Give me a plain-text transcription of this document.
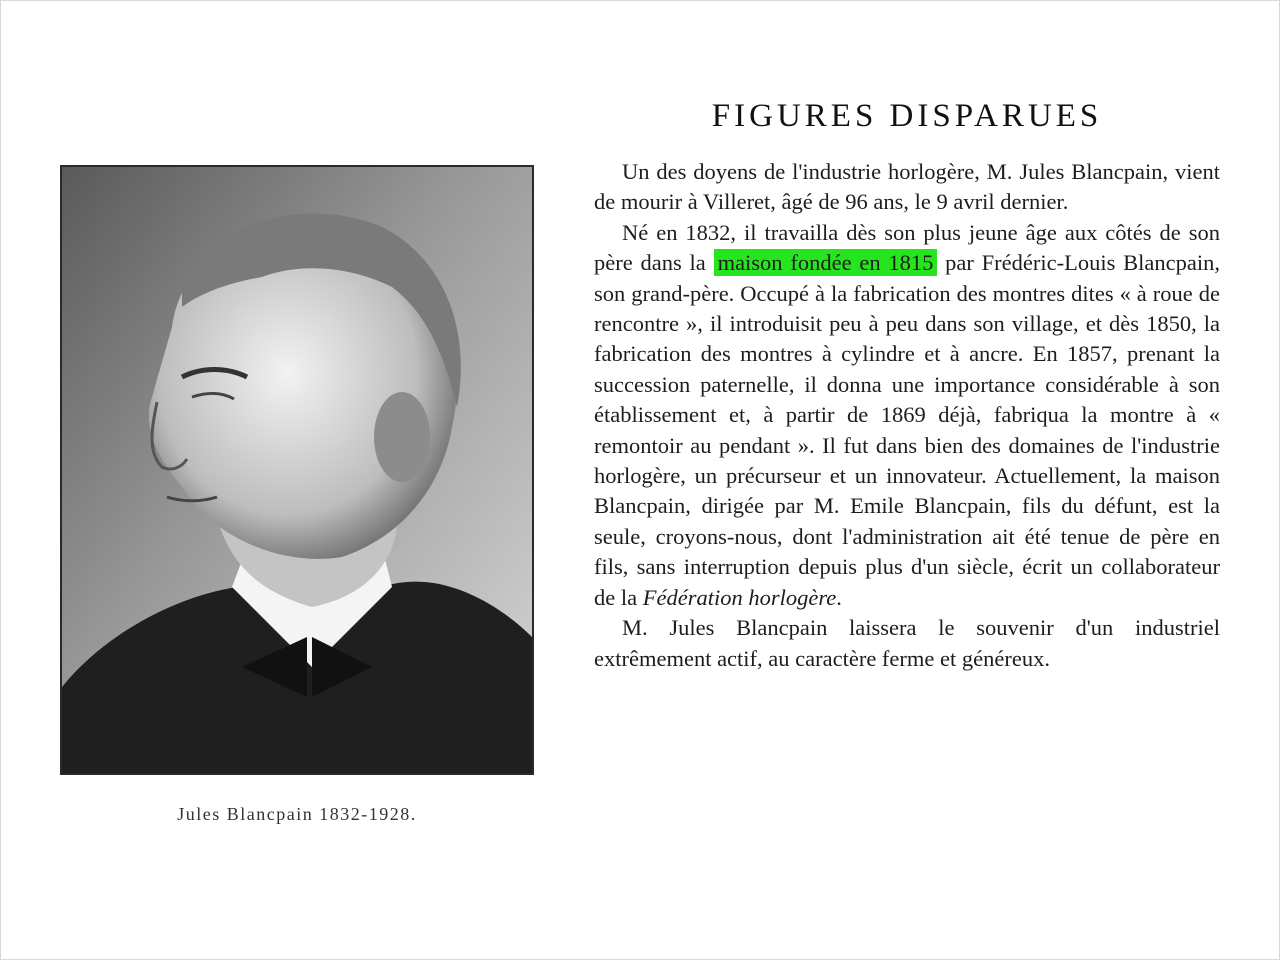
Jules Blancpain 1832-1928.
FIGURES DISPARUES

Un des doyens de l'industrie horlogère, M. Jules Blancpain, vient de mourir à Villeret, âgé de 96 ans, le 9 avril dernier.

Né en 1832, il travailla dès son plus jeune âge aux côtés de son père dans la maison fondée en 1815 par Frédéric-Louis Blancpain, son grand-père. Occupé à la fabrication des montres dites « à roue de rencontre », il introduisit peu à peu dans son village, et dès 1850, la fabrication des montres à cylindre et à ancre. En 1857, prenant la succession paternelle, il donna une importance considérable à son établissement et, à partir de 1869 déjà, fabriqua la montre à « remontoir au pendant ». Il fut dans bien des domaines de l'industrie horlogère, un précurseur et un innovateur. Actuellement, la maison Blancpain, dirigée par M. Emile Blancpain, fils du défunt, est la seule, croyons-nous, dont l'administration ait été tenue de père en fils, sans interruption depuis plus d'un siècle, écrit un collaborateur de la Fédération horlogère.

M. Jules Blancpain laissera le souvenir d'un industriel extrêmement actif, au caractère ferme et généreux.
